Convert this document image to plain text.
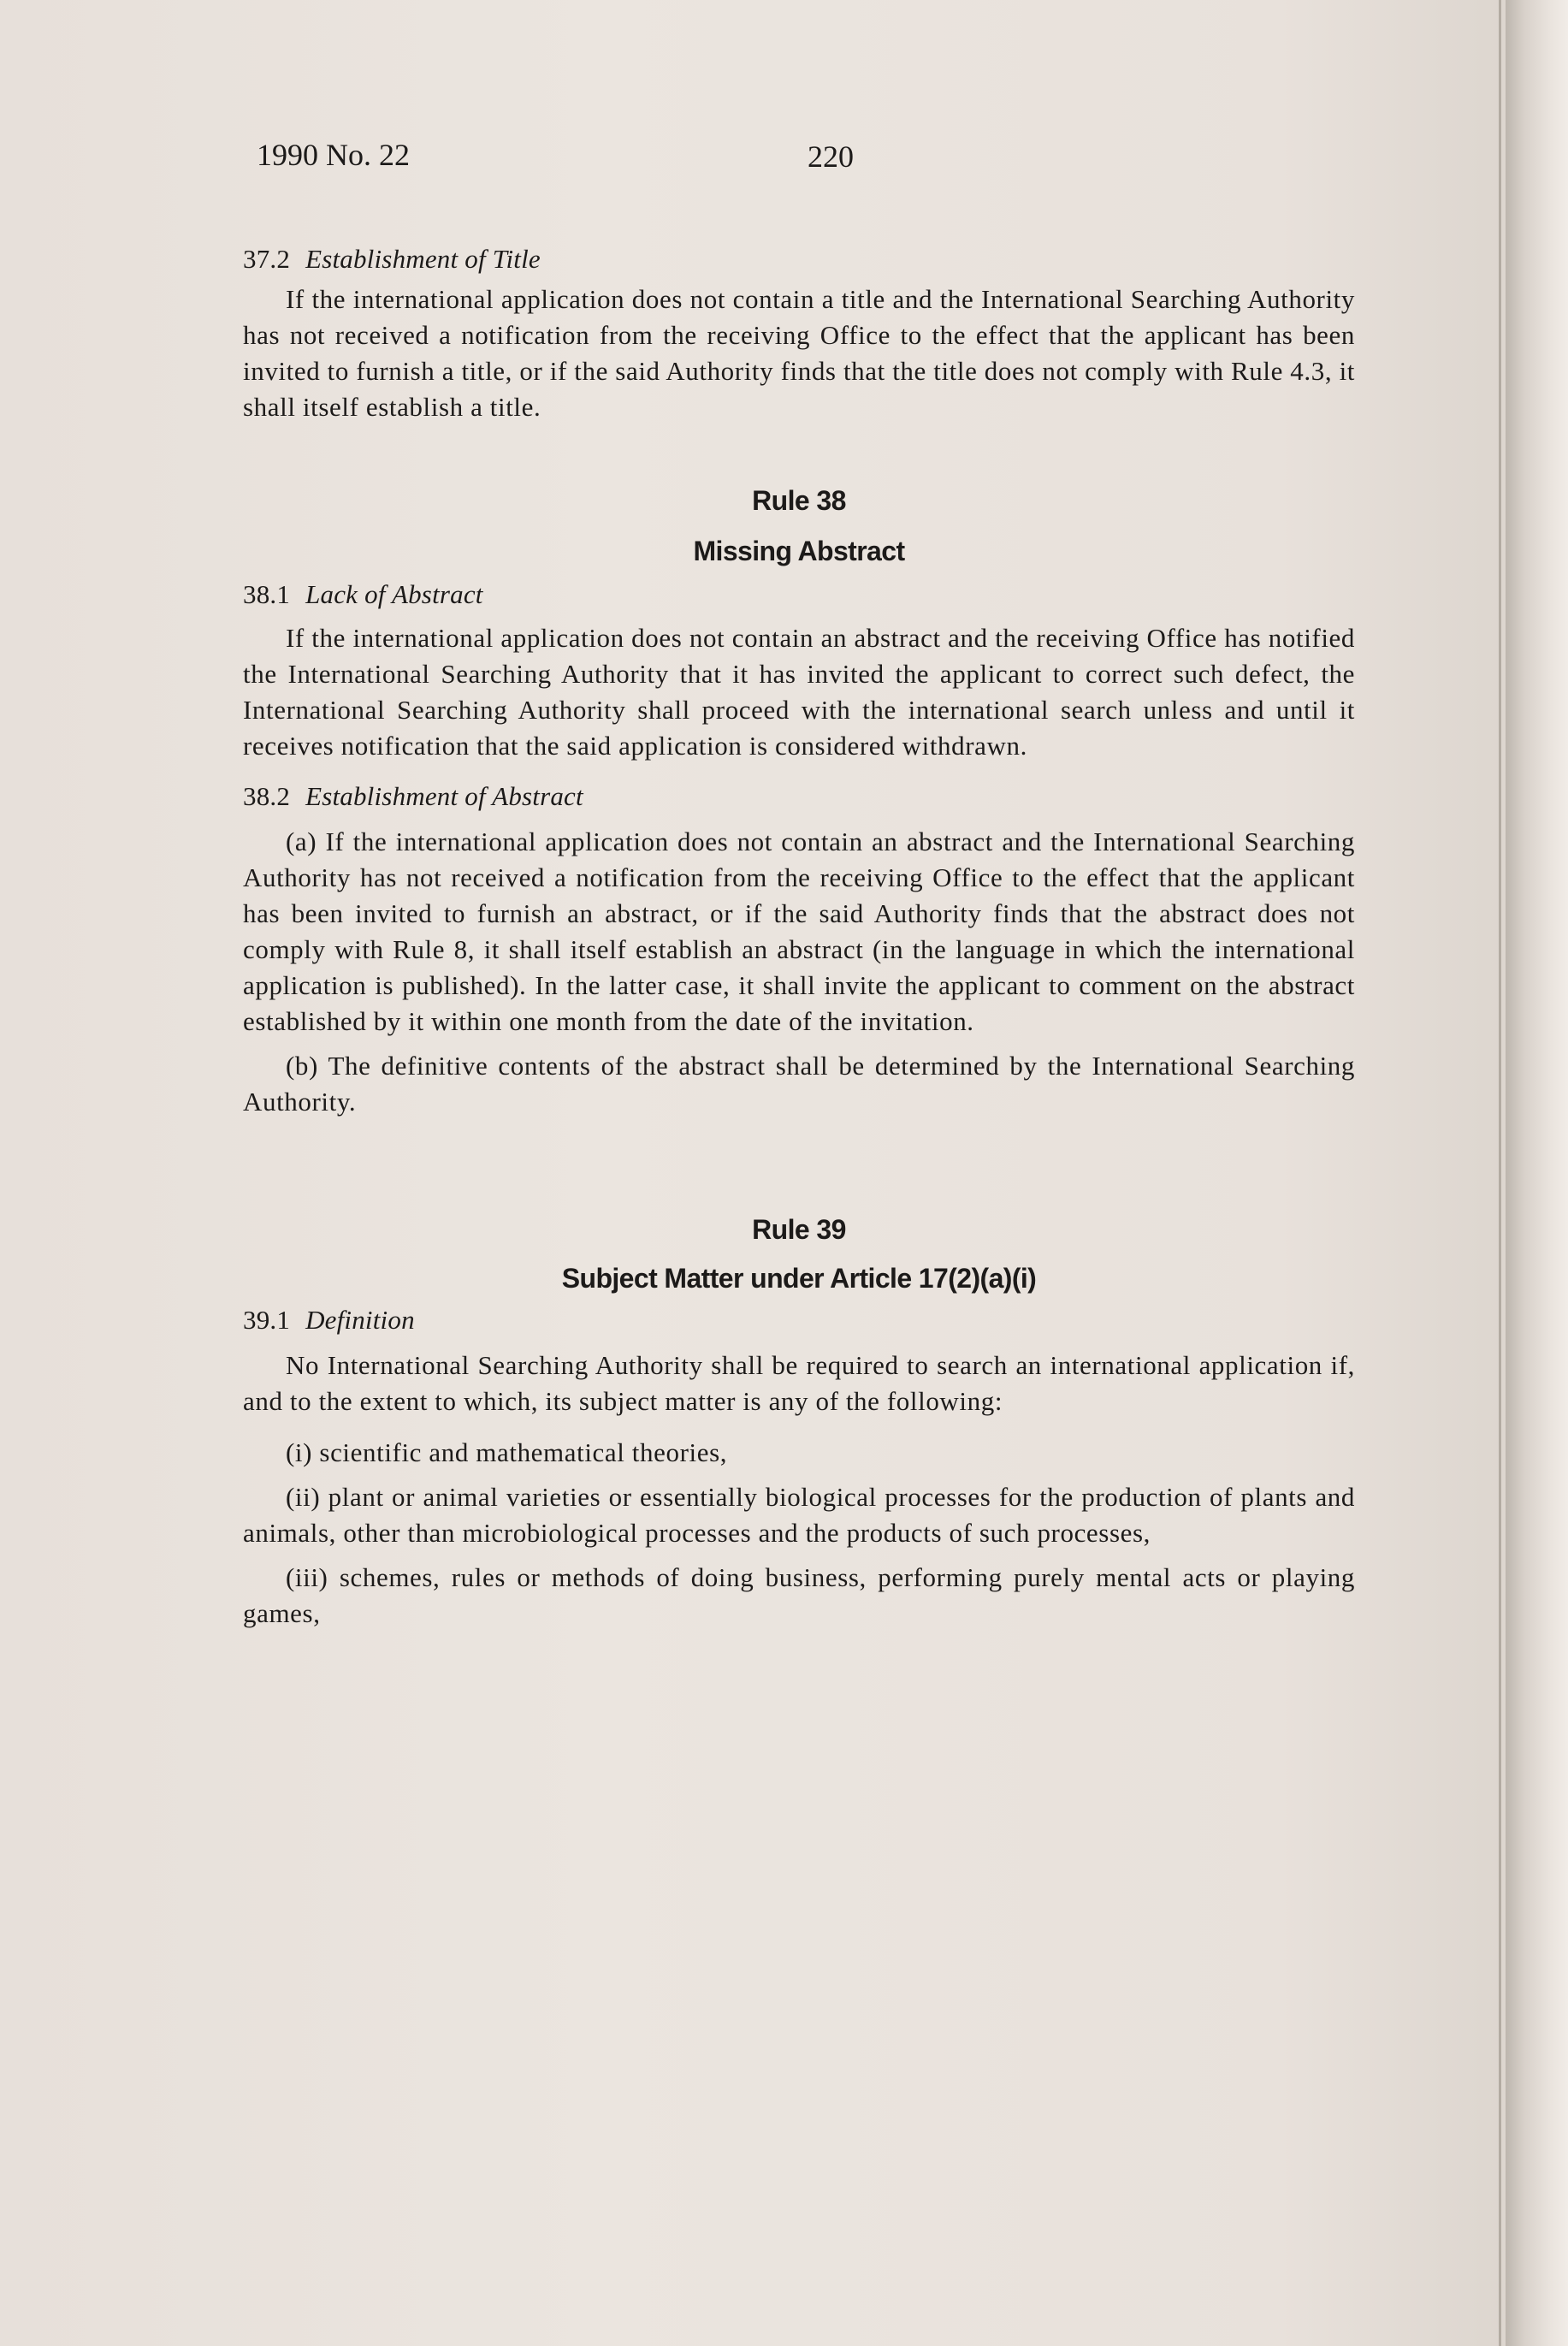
1990 No. 22	220
37.2 Establishment of Title

If the international application does not contain a title and the International Searching Authority has not received a notification from the receiving Office to the effect that the applicant has been invited to furnish a title, or if the said Authority finds that the title does not comply with Rule 4.3, it shall itself establish a title.

Rule 38
Missing Abstract
38.1 Lack of Abstract

If the international application does not contain an abstract and the receiving Office has notified the International Searching Authority that it has invited the applicant to correct such defect, the International Searching Authority shall proceed with the international search unless and until it receives notification that the said application is considered withdrawn.

38.2 Establishment of Abstract

(a) If the international application does not contain an abstract and the International Searching Authority has not received a notification from the receiving Office to the effect that the applicant has been invited to furnish an abstract, or if the said Authority finds that the abstract does not comply with Rule 8, it shall itself establish an abstract (in the language in which the international application is published). In the latter case, it shall invite the applicant to comment on the abstract established by it within one month from the date of the invitation.

(b) The definitive contents of the abstract shall be determined by the International Searching Authority.

Rule 39
Subject Matter under Article 17(2)(a)(i)
39.1 Definition

No International Searching Authority shall be required to search an international application if, and to the extent to which, its subject matter is any of the following:

(i) scientific and mathematical theories,

(ii) plant or animal varieties or essentially biological processes for the production of plants and animals, other than microbiological processes and the products of such processes,

(iii) schemes, rules or methods of doing business, performing purely mental acts or playing games,
